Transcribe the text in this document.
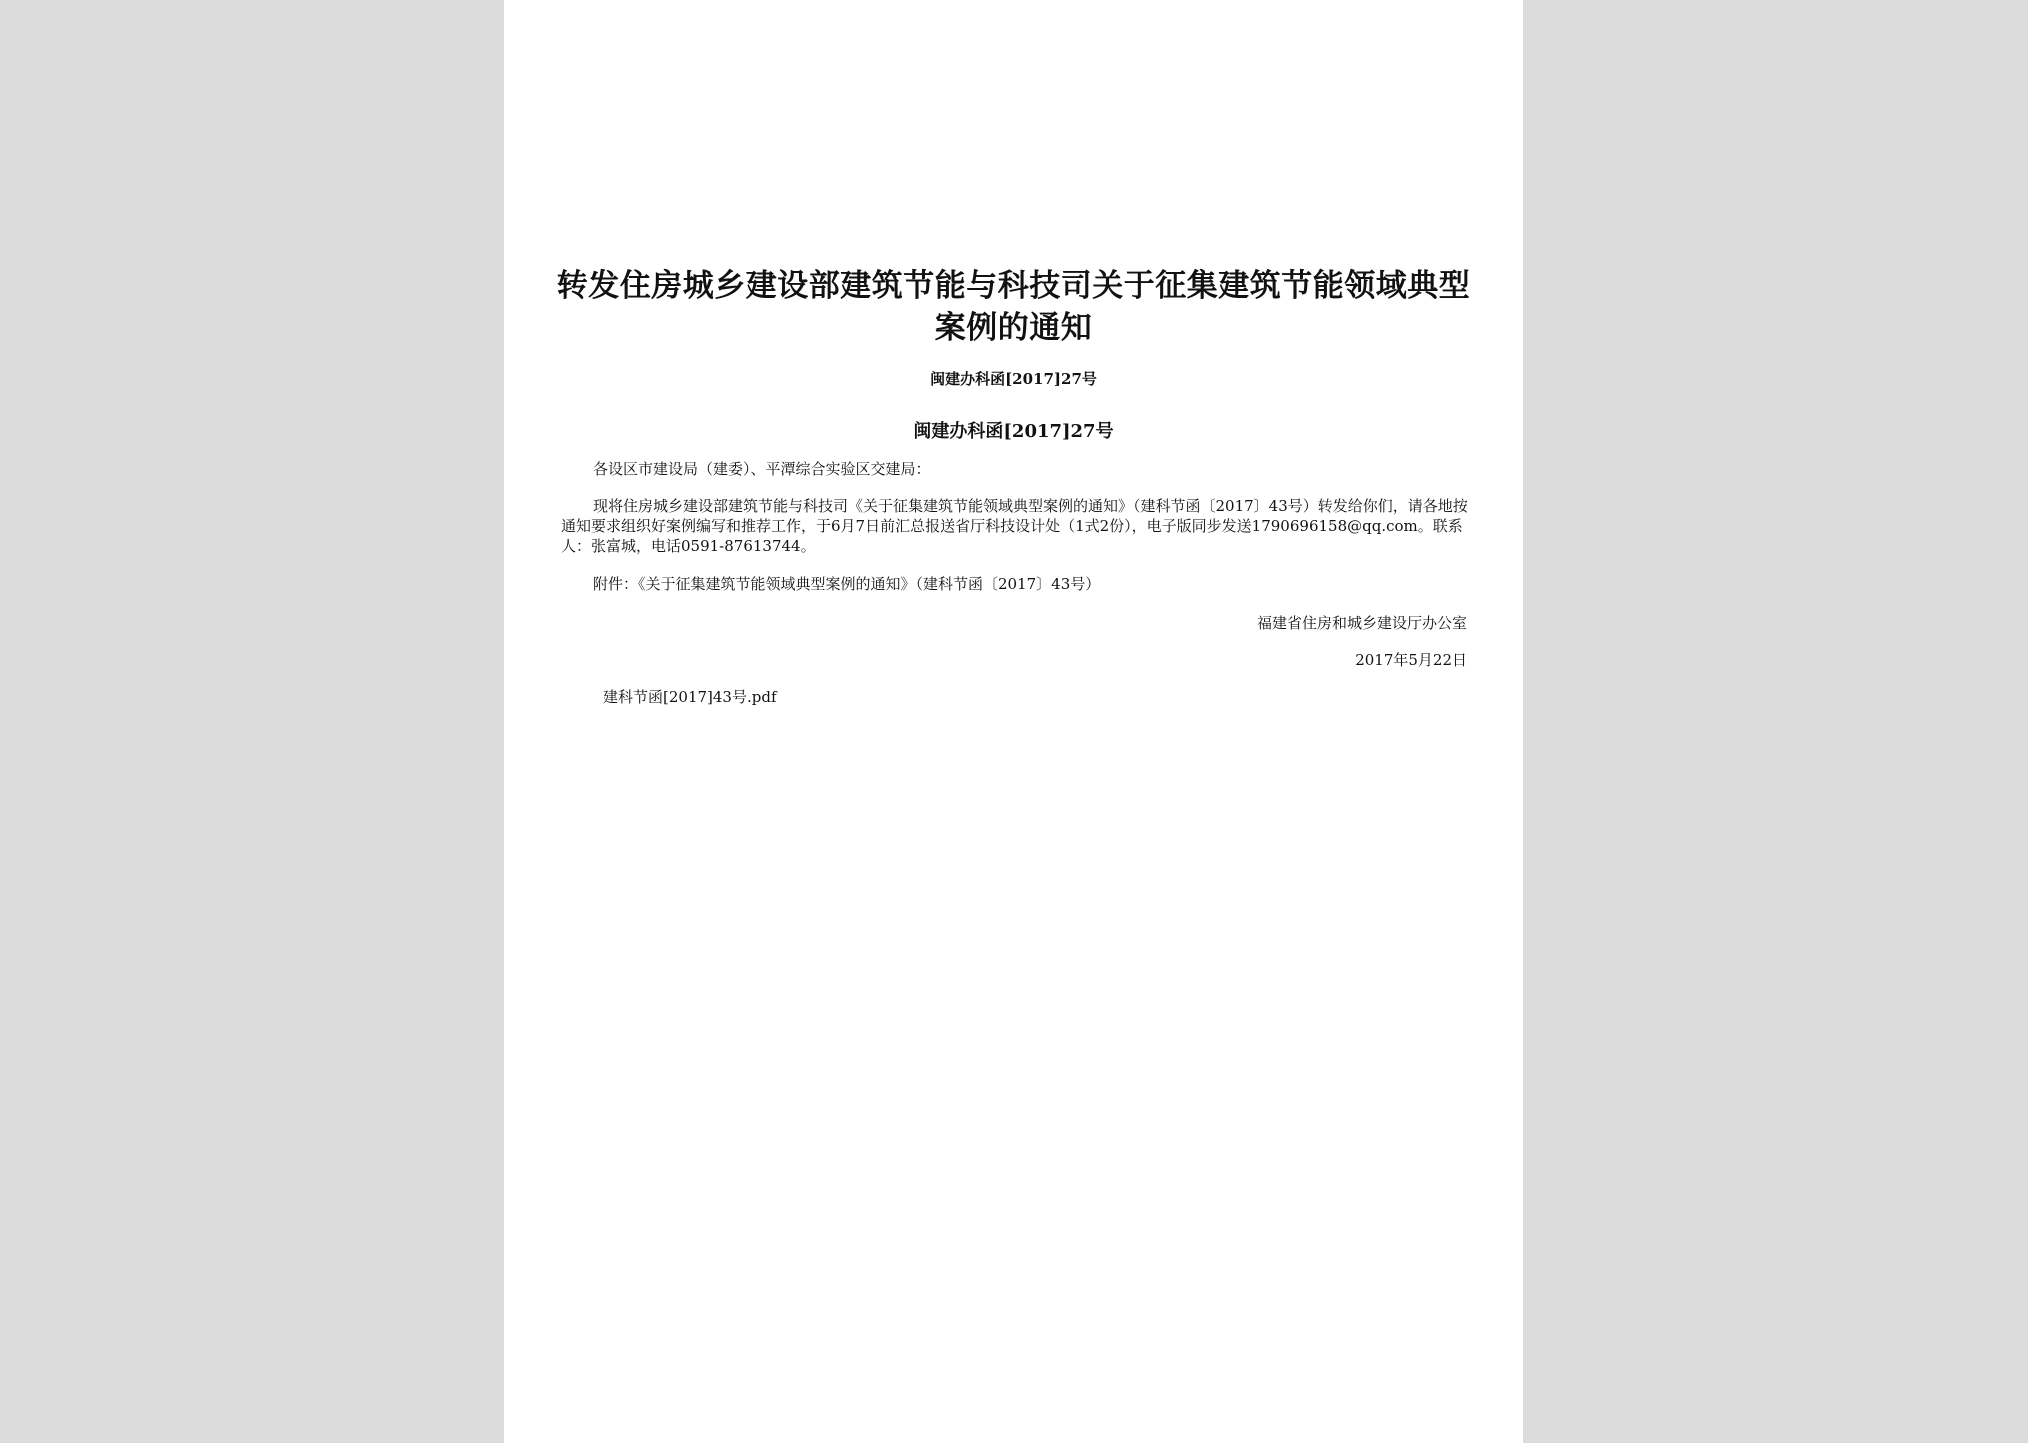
转发住房城乡建设部建筑节能与科技司关于征集建筑节能领域典型案例的通知
闽建办科函[2017]27号
闽建办科函[2017]27号

各设区市建设局（建委）、平潭综合实验区交建局：

现将住房城乡建设部建筑节能与科技司《关于征集建筑节能领域典型案例的通知》（建科节函〔2017〕43号）转发给你们，请各地按通知要求组织好案例编写和推荐工作，于6月7日前汇总报送省厅科技设计处（1式2份），电子版同步发送1790696158@qq.com。联系人：张富城，电话0591-87613744。

附件：《关于征集建筑节能领域典型案例的通知》（建科节函〔2017〕43号）

福建省住房和城乡建设厅办公室
2017年5月22日
建科节函[2017]43号.pdf
